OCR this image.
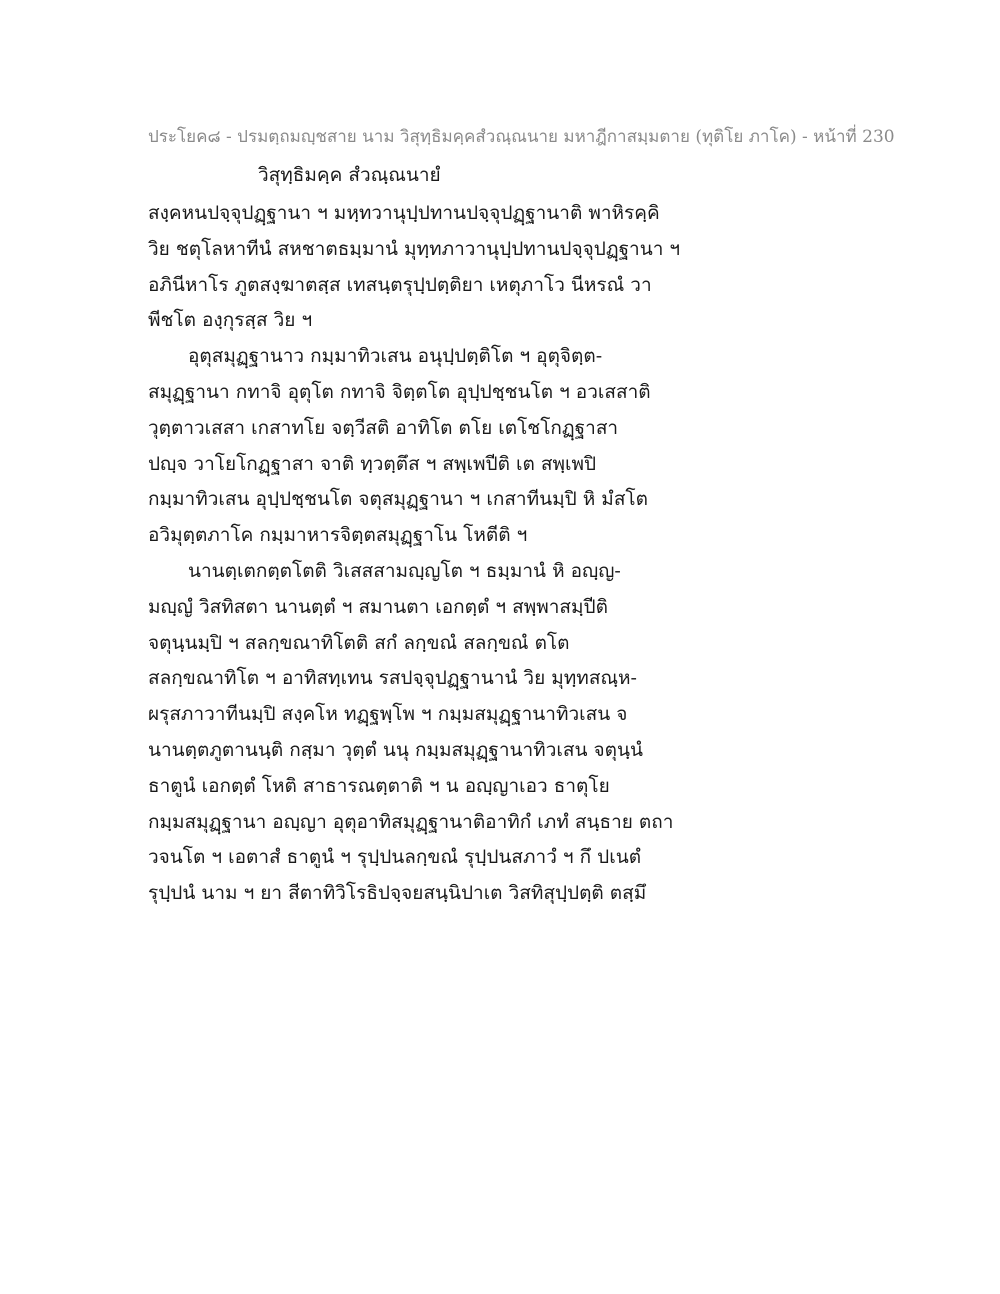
ประโยค๘ - ปรมตฺถมญฺชสาย นาม วิสุทฺธิมคฺคสํวณฺณนาย มหาฎีกาสมฺมตาย (ทุติโย ภาโค) - หน้าที่ 230
วิสุทฺธิมคฺค สํวณฺณนายํ
สงฺคหนปจฺจุปฏฺฐานา ฯ มหฺทวานุปฺปทานปจฺจุปฏฺฐานาติ พาหิรคฺคิ
วิย ชตุโลหาทีนํ สหชาตธมฺมานํ มุทฺทภาวานุปฺปทานปจฺจุปฏฺฐานา ฯ
อภินีหาโร ภูตสงฺฆาตสฺส เทสนฺตรุปฺปตฺติยา เหตุภาโว นีหรณํ วา
พีชโต องฺกุรสฺส วิย ฯ
อุตุสมุฏฺฐานาว กมฺมาทิวเสน อนุปฺปตฺติโต ฯ อุตุจิตฺต-
สมุฏฺฐานา กทาจิ อุตุโต กทาจิ จิตฺตโต อุปฺปชฺชนโต ฯ อวเสสาติ
วุตฺตาวเสสา เกสาทโย จตฺวีสติ อาทิโต ตโย เตโชโกฏฺฐาสา
ปญฺจ วาโยโกฏฺฐาสา จาติ ทฺวตฺตึส ฯ สพฺเพปีติ เต สพฺเพปิ
กมฺมาทิวเสน อุปฺปชฺชนโต จตุสมุฏฺฐานา ฯ เกสาทีนมฺปิ หิ มํสโต
อวิมุตฺตภาโค กมฺมาหารจิตฺตสมุฏฺฐาโน โหตีติ ฯ
นานตฺเตกตฺตโตติ วิเสสสามญฺญโต ฯ ธมฺมานํ หิ อญฺญ-
มญฺญํ วิสทิสตา นานตฺตํ ฯ สมานตา เอกตฺตํ ฯ สพฺพาสมฺปีติ
จตุนฺนมฺปิ ฯ สลกฺขณาทิโตติ สกํ ลกฺขณํ สลกฺขณํ ตโต
สลกฺขณาทิโต ฯ อาทิสทฺเทน รสปจฺจุปฏฺฐานานํ วิย มุทฺทสณฺห-
ผรุสภาวาทีนมฺปิ สงฺคโห ทฏฺฐพฺโพ ฯ กมฺมสมุฏฺฐานาทิวเสน จ
นานตฺตภูตานนฺติ กสฺมา วุตฺตํ นนุ กมฺมสมุฏฺฐานาทิวเสน จตุนฺนํ
ธาตูนํ เอกตฺตํ โหติ สาธารณตฺตาติ ฯ น อญฺญาเอว ธาตุโย
กมฺมสมุฏฺฐานา อญฺญา อุตุอาทิสมุฏฺฐานาติอาทิกํ เภทํ สนฺธาย ตถา
วจนโต ฯ เอตาสํ ธาตูนํ ฯ รุปฺปนลกฺขณํ รุปฺปนสภาวํ ฯ กึ ปเนตํ
รุปฺปนํ นาม ฯ ยา สีตาทิวิโรธิปจฺจยสนฺนิปาเต วิสทิสุปฺปตฺติ ตสฺมึ
